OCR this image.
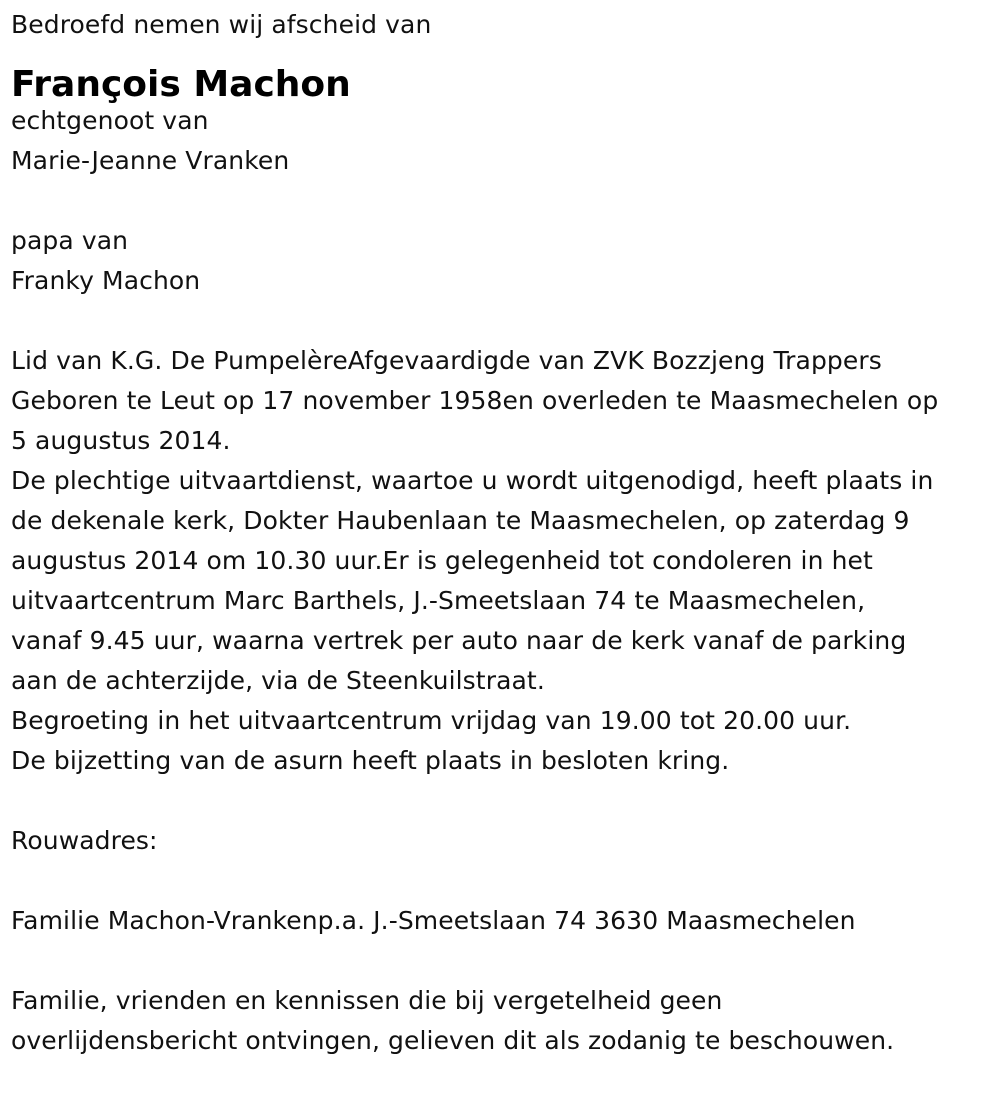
Bedroefd nemen wij afscheid van
François Machon
echtgenoot van
Marie-Jeanne Vranken
papa van
Franky Machon
Lid van K.G. De PumpelèreAfgevaardigde van ZVK Bozzjeng Trappers
Geboren te Leut op 17 november 1958en overleden te Maasmechelen op
5 augustus 2014.
De plechtige uitvaartdienst, waartoe u wordt uitgenodigd, heeft plaats in
de dekenale kerk, Dokter Haubenlaan te Maasmechelen, op zaterdag 9
augustus 2014 om 10.30 uur.Er is gelegenheid tot condoleren in het
uitvaartcentrum Marc Barthels, J.-Smeetslaan 74 te Maasmechelen,
vanaf 9.45 uur, waarna vertrek per auto naar de kerk vanaf de parking
aan de achterzijde, via de Steenkuilstraat.
Begroeting in het uitvaartcentrum vrijdag van 19.00 tot 20.00 uur.
De bijzetting van de asurn heeft plaats in besloten kring.
Rouwadres:
Familie Machon-Vrankenp.a. J.-Smeetslaan 74 3630 Maasmechelen
Familie, vrienden en kennissen die bij vergetelheid geen
overlijdensbericht ontvingen, gelieven dit als zodanig te beschouwen.
